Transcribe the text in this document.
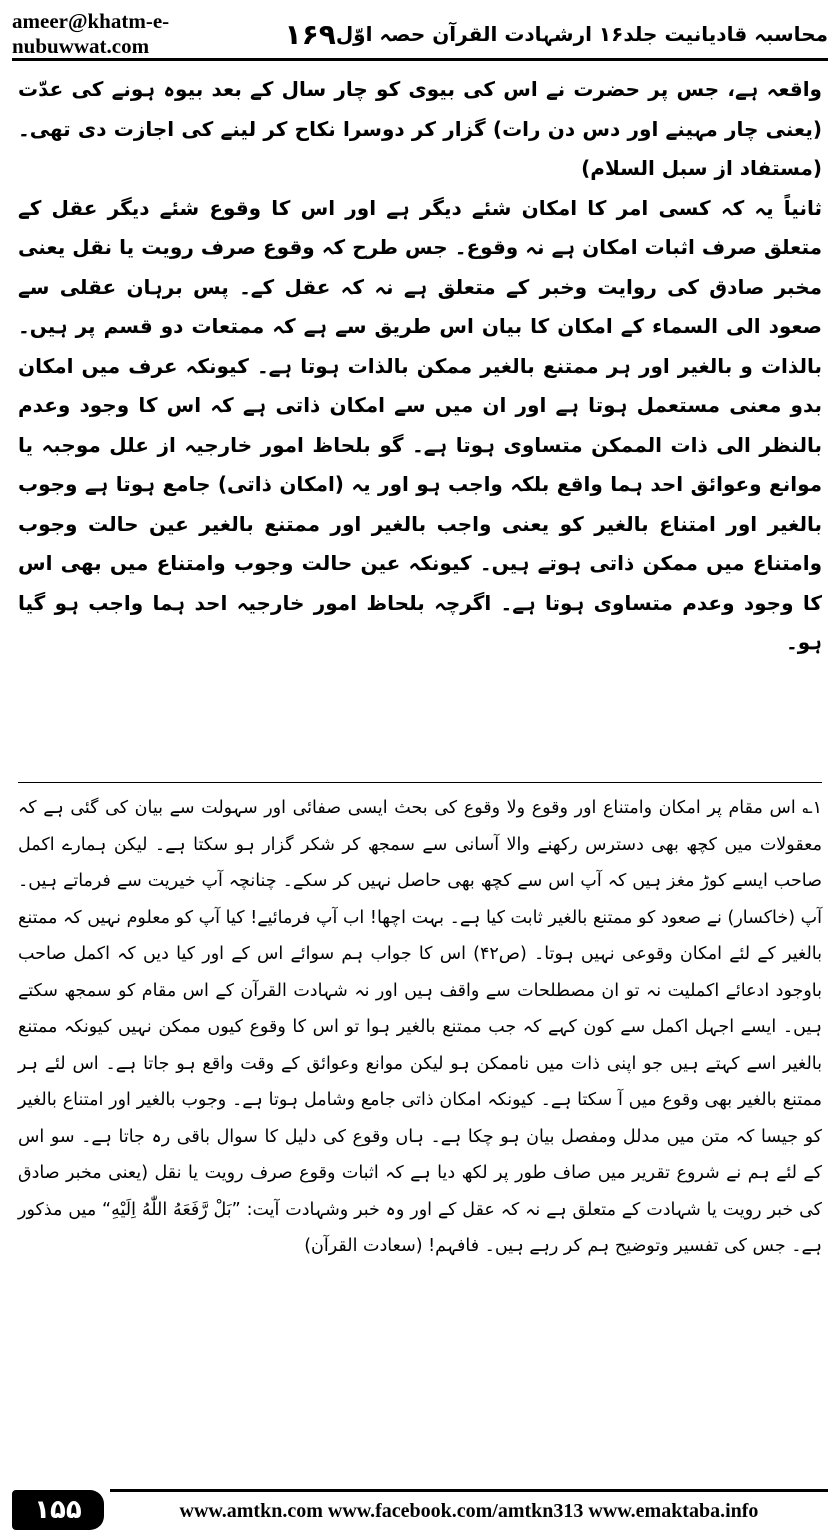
ameer@khatm-e-nubuwwat.com	۱۶۹ محاسبہ قادیانیت جلد۱۶ ارشہادت القرآن حصہ اوّل

واقعہ ہے، جس پر حضرت نے اس کی بیوی کو چار سال کے بعد بیوہ ہونے کی عدّت (یعنی چار مہینے اور دس دن رات) گزار کر دوسرا نکاح کر لینے کی اجازت دی تھی۔ (مستفاد از سبل السلام)

ثانیاً یہ کہ کسی امر کا امکان شئے دیگر ہے اور اس کا وقوع شئے دیگر عقل کے متعلق صرف اثبات امکان ہے نہ وقوع۔ جس طرح کہ وقوع صرف رویت یا نقل یعنی مخبر صادق کی روایت وخبر کے متعلق ہے نہ کہ عقل کے۔ پس برہان عقلی سے صعود الی السماء کے امکان کا بیان اس طریق سے ہے کہ ممتعات دو قسم پر ہیں۔ بالذات و بالغیر اور ہر ممتنع بالغیر ممکن بالذات ہوتا ہے۔ کیونکہ عرف میں امکان بدو معنی مستعمل ہوتا ہے اور ان میں سے امکان ذاتی ہے کہ اس کا وجود وعدم بالنظر الی ذات الممکن متساوی ہوتا ہے۔ گو بلحاظ امور خارجیہ از علل موجبہ یا موانع وعوائق احد ہما واقع بلکہ واجب ہو اور یہ (امکان ذاتی) جامع ہوتا ہے وجوب بالغیر اور امتناع بالغیر کو یعنی واجب بالغیر اور ممتنع بالغیر عین حالت وجوب وامتناع میں ممکن ذاتی ہوتے ہیں۔ کیونکہ عین حالت وجوب وامتناع میں بھی اس کا وجود وعدم متساوی ہوتا ہے۔ اگرچہ بلحاظ امور خارجیہ احد ہما واجب ہو گیا ہو۔

۱؎ اس مقام پر امکان وامتناع اور وقوع ولا وقوع کی بحث ایسی صفائی اور سہولت سے بیان کی گئی ہے کہ معقولات میں کچھ بھی دسترس رکھنے والا آسانی سے سمجھ کر شکر گزار ہو سکتا ہے۔ لیکن ہمارے اکمل صاحب ایسے کوڑ مغز ہیں کہ آپ اس سے کچھ بھی حاصل نہیں کر سکے۔ چنانچہ آپ خیریت سے فرماتے ہیں۔ آپ (خاکسار) نے صعود کو ممتنع بالغیر ثابت کیا ہے۔ بہت اچھا! اب آپ فرمائیے! کیا آپ کو معلوم نہیں کہ ممتنع بالغیر کے لئے امکان وقوعی نہیں ہوتا۔ (ص۴۲) اس کا جواب ہم سوائے اس کے اور کیا دیں کہ اکمل صاحب باوجود ادعائے اکملیت نہ تو ان مصطلحات سے واقف ہیں اور نہ شہادت القرآن کے اس مقام کو سمجھ سکتے ہیں۔ ایسے اجہل اکمل سے کون کہے کہ جب ممتنع بالغیر ہوا تو اس کا وقوع کیوں ممکن نہیں کیونکہ ممتنع بالغیر اسے کہتے ہیں جو اپنی ذات میں ناممکن ہو لیکن موانع وعوائق کے وقت واقع ہو جاتا ہے۔ اس لئے ہر ممتنع بالغیر بھی وقوع میں آ سکتا ہے۔ کیونکہ امکان ذاتی جامع وشامل ہوتا ہے۔ وجوب بالغیر اور امتناع بالغیر کو جیسا کہ متن میں مدلل ومفصل بیان ہو چکا ہے۔ ہاں وقوع کی دلیل کا سوال باقی رہ جاتا ہے۔ سو اس کے لئے ہم نے شروع تقریر میں صاف طور پر لکھ دیا ہے کہ اثبات وقوع صرف رویت یا نقل (یعنی مخبر صادق کی خبر رویت یا شہادت کے متعلق ہے نہ کہ عقل کے اور وہ خبر وشہادت آیت: ”بَلْ رَّفَعَهُ اللّٰهُ اِلَیْهِ“ میں مذکور ہے۔ جس کی تفسیر وتوضیح ہم کر رہے ہیں۔ فافہم! (سعادت القرآن)

۱۵۵	www.amtkn.com www.facebook.com/amtkn313 www.emaktaba.info
